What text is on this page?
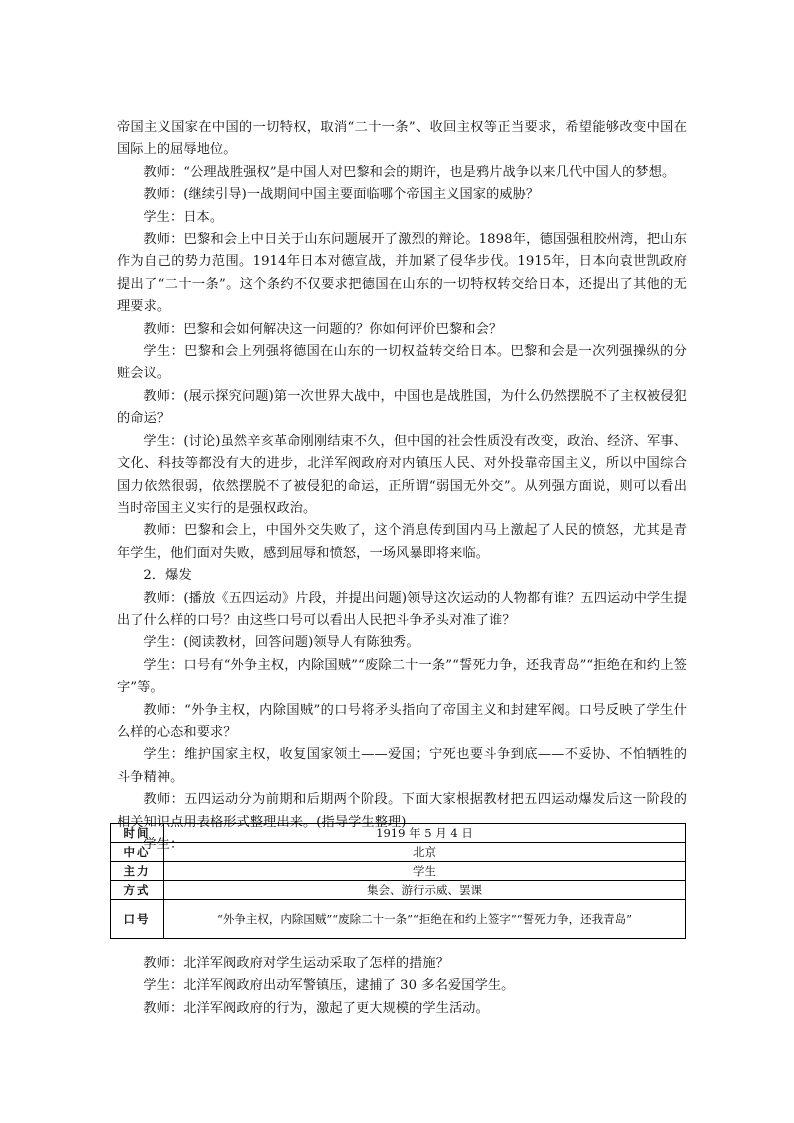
帝国主义国家在中国的一切特权，取消“二十一条”、收回主权等正当要求，希望能够改变中国在国际上的屈辱地位。

教师：“公理战胜强权”是中国人对巴黎和会的期许，也是鸦片战争以来几代中国人的梦想。

教师：(继续引导)一战期间中国主要面临哪个帝国主义国家的威胁？

学生：日本。

教师：巴黎和会上中日关于山东问题展开了激烈的辩论。1898年，德国强租胶州湾，把山东作为自己的势力范围。1914年日本对德宣战，并加紧了侵华步伐。1915年，日本向袁世凯政府提出了“二十一条”。这个条约不仅要求把德国在山东的一切特权转交给日本，还提出了其他的无理要求。

教师：巴黎和会如何解决这一问题的？你如何评价巴黎和会？

学生：巴黎和会上列强将德国在山东的一切权益转交给日本。巴黎和会是一次列强操纵的分赃会议。

教师：(展示探究问题)第一次世界大战中，中国也是战胜国，为什么仍然摆脱不了主权被侵犯的命运？

学生：(讨论)虽然辛亥革命刚刚结束不久，但中国的社会性质没有改变，政治、经济、军事、文化、科技等都没有大的进步，北洋军阀政府对内镇压人民、对外投靠帝国主义，所以中国综合国力依然很弱，依然摆脱不了被侵犯的命运，正所谓“弱国无外交”。从列强方面说，则可以看出当时帝国主义实行的是强权政治。

教师：巴黎和会上，中国外交失败了，这个消息传到国内马上激起了人民的愤怒，尤其是青年学生，他们面对失败，感到屈辱和愤怒，一场风暴即将来临。

2．爆发

教师：(播放《五四运动》片段，并提出问题)领导这次运动的人物都有谁？五四运动中学生提出了什么样的口号？由这些口号可以看出人民把斗争矛头对准了谁？

学生：(阅读教材，回答问题)领导人有陈独秀。

学生：口号有“外争主权，内除国贼”“废除二十一条”“誓死力争，还我青岛”“拒绝在和约上签字”等。

教师：“外争主权，内除国贼”的口号将矛头指向了帝国主义和封建军阀。口号反映了学生什么样的心态和要求？

学生：维护国家主权，收复国家领土——爱国；宁死也要斗争到底——不妥协、不怕牺牲的斗争精神。

教师：五四运动分为前期和后期两个阶段。下面大家根据教材把五四运动爆发后这一阶段的相关知识点用表格形式整理出来。(指导学生整理)

学生：

时间	1919 年 5 月 4 日
中心	北京
主力	学生
方式	集会、游行示威、罢课
口号	“外争主权，内除国贼”“废除二十一条”“拒绝在和约上签字”“誓死力争，还我青岛”

教师：北洋军阀政府对学生运动采取了怎样的措施？

学生：北洋军阀政府出动军警镇压，逮捕了 30 多名爱国学生。

教师：北洋军阀政府的行为，激起了更大规模的学生活动。
